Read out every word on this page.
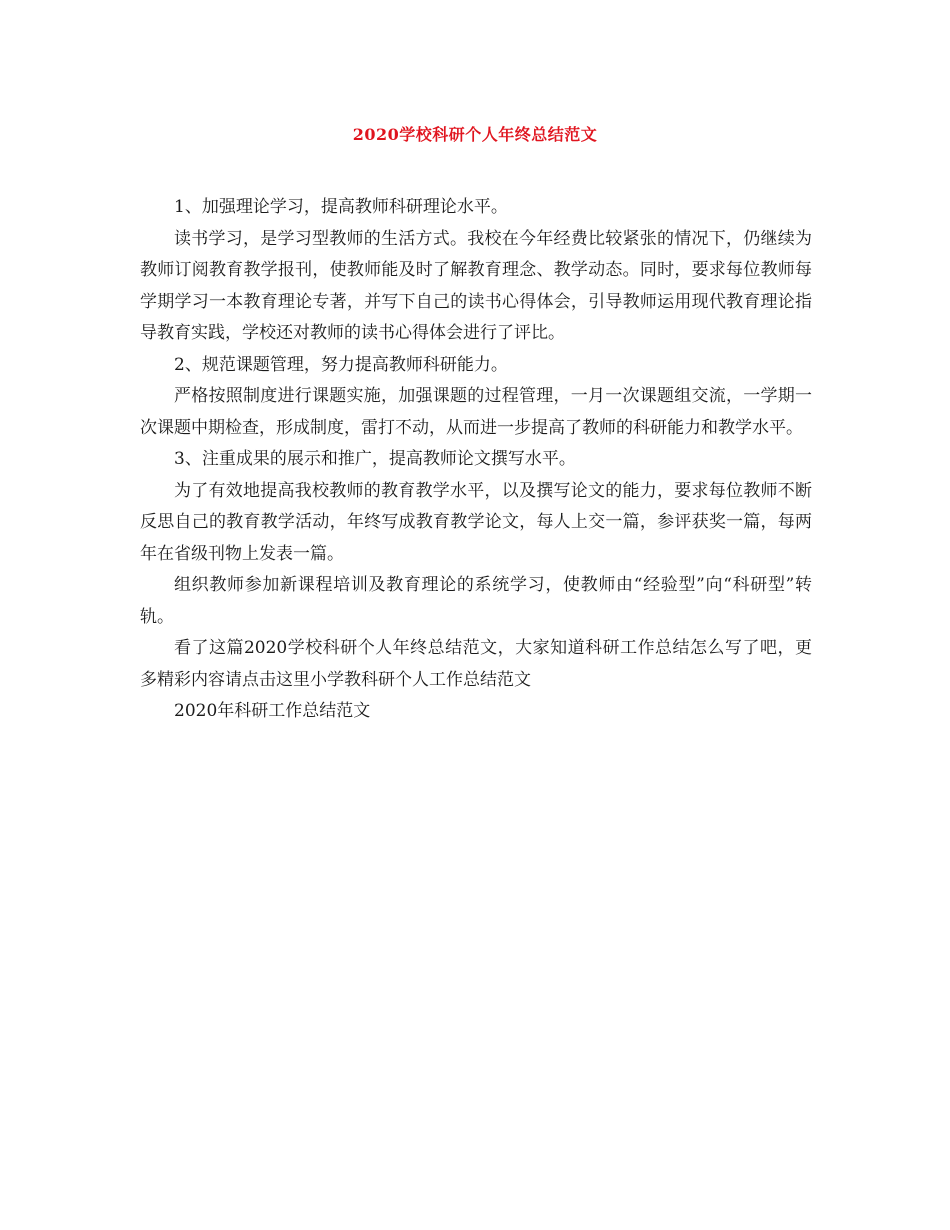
2020学校科研个人年终总结范文

1、加强理论学习，提高教师科研理论水平。

读书学习，是学习型教师的生活方式。我校在今年经费比较紧张的情况下，仍继续为教师订阅教育教学报刊，使教师能及时了解教育理念、教学动态。同时，要求每位教师每学期学习一本教育理论专著，并写下自己的读书心得体会，引导教师运用现代教育理论指导教育实践，学校还对教师的读书心得体会进行了评比。

2、规范课题管理，努力提高教师科研能力。

严格按照制度进行课题实施，加强课题的过程管理，一月一次课题组交流，一学期一次课题中期检查，形成制度，雷打不动，从而进一步提高了教师的科研能力和教学水平。

3、注重成果的展示和推广，提高教师论文撰写水平。

为了有效地提高我校教师的教育教学水平，以及撰写论文的能力，要求每位教师不断反思自己的教育教学活动，年终写成教育教学论文，每人上交一篇，参评获奖一篇，每两年在省级刊物上发表一篇。

组织教师参加新课程培训及教育理论的系统学习，使教师由“经验型”向“科研型”转轨。

看了这篇2020学校科研个人年终总结范文，大家知道科研工作总结怎么写了吧，更多精彩内容请点击这里小学教科研个人工作总结范文

2020年科研工作总结范文
